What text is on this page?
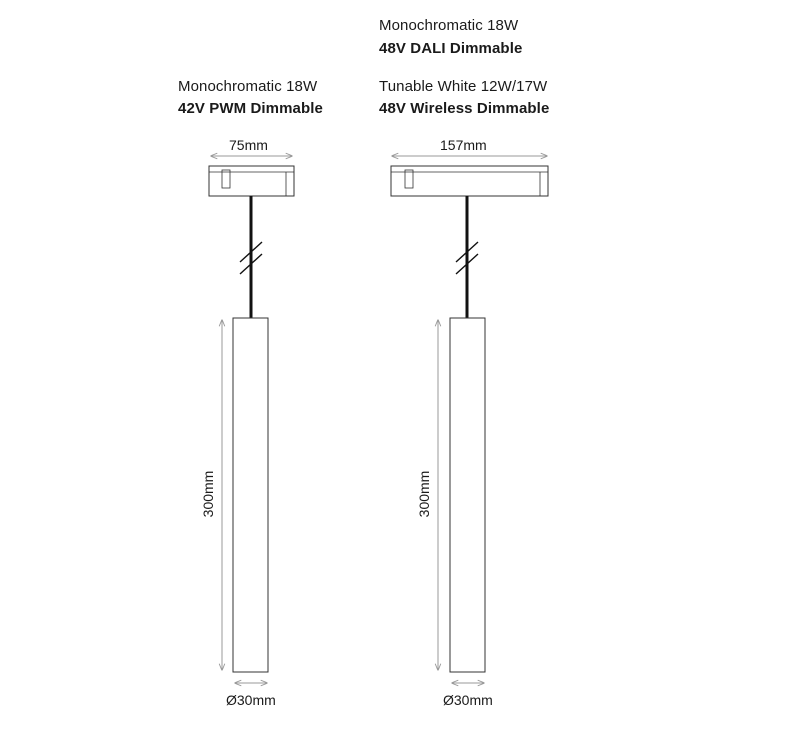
Monochromatic 18W
48V DALI Dimmable
Tunable White 12W/17W
48V Wireless Dimmable
Monochromatic 18W
42V PWM Dimmable
75mm	157mm
300mm	300mm
Ø30mm	Ø30mm
